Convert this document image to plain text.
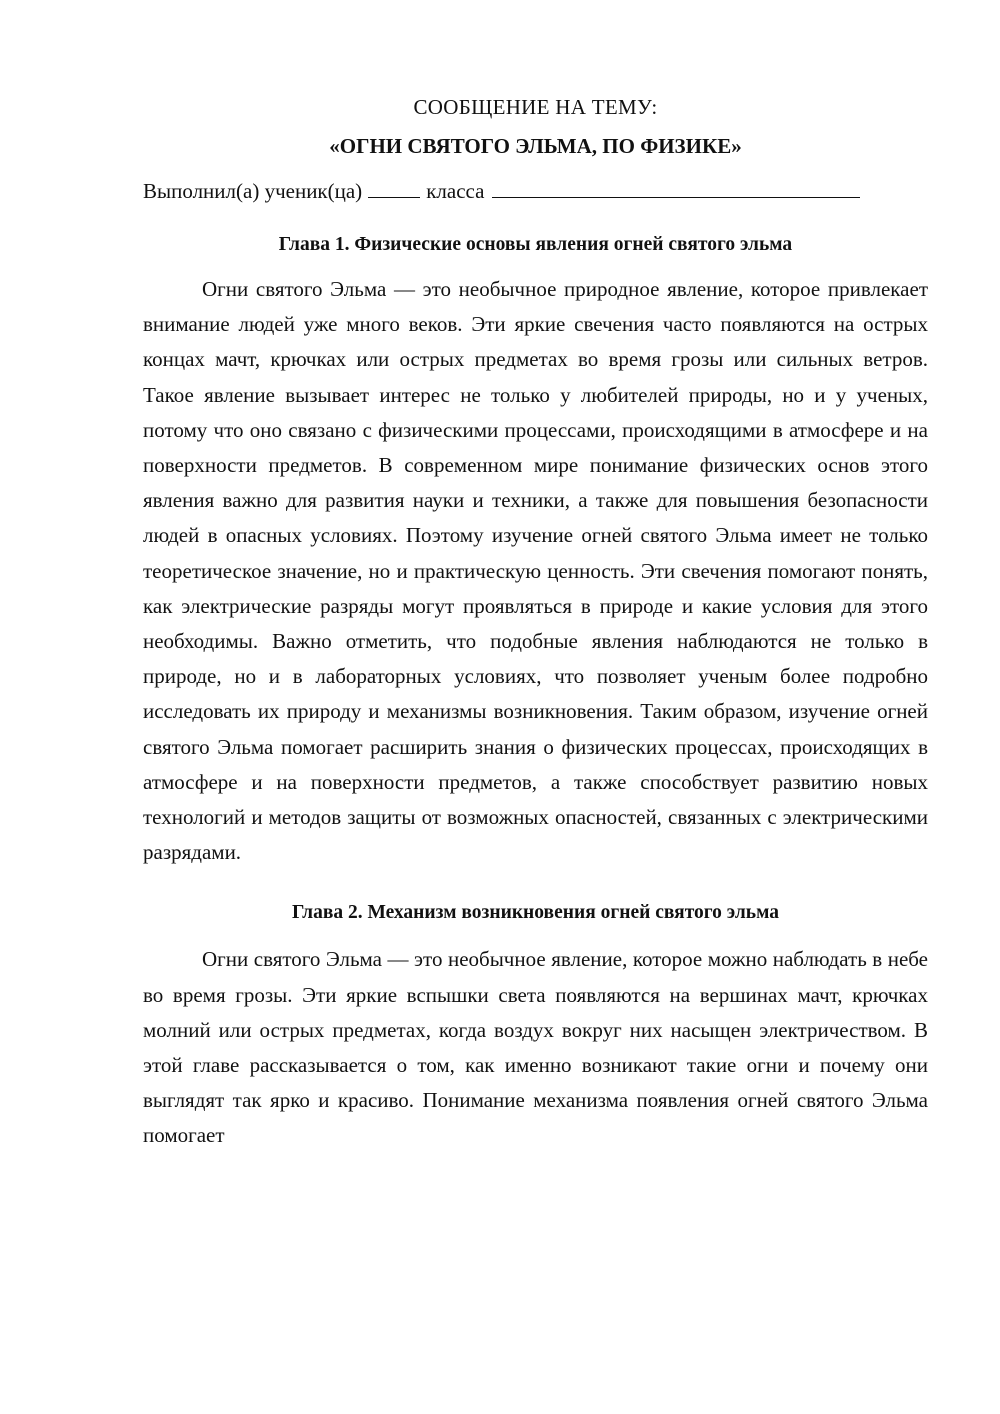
СООБЩЕНИЕ НА ТЕМУ:

«ОГНИ СВЯТОГО ЭЛЬМА, ПО ФИЗИКЕ»

Выполнил(а) ученик(ца)	класса
Глава 1. Физические основы явления огней святого эльма

Огни святого Эльма — это необычное природное явление, которое привлекает внимание людей уже много веков. Эти яркие свечения часто появляются на острых концах мачт, крючках или острых предметах во время грозы или сильных ветров. Такое явление вызывает интерес не только у любителей природы, но и у ученых, потому что оно связано с физическими процессами, происходящими в атмосфере и на поверхности предметов. В современном мире понимание физических основ этого явления важно для развития науки и техники, а также для повышения безопасности людей в опасных условиях. Поэтому изучение огней святого Эльма имеет не только теоретическое значение, но и практическую ценность. Эти свечения помогают понять, как электрические разряды могут проявляться в природе и какие условия для этого необходимы. Важно отметить, что подобные явления наблюдаются не только в природе, но и в лабораторных условиях, что позволяет ученым более подробно исследовать их природу и механизмы возникновения. Таким образом, изучение огней святого Эльма помогает расширить знания о физических процессах, происходящих в атмосфере и на поверхности предметов, а также способствует развитию новых технологий и методов защиты от возможных опасностей, связанных с электрическими разрядами.

Глава 2. Механизм возникновения огней святого эльма

Огни святого Эльма — это необычное явление, которое можно наблюдать в небе во время грозы. Эти яркие вспышки света появляются на вершинах мачт, крючках молний или острых предметах, когда воздух вокруг них насыщен электричеством. В этой главе рассказывается о том, как именно возникают такие огни и почему они выглядят так ярко и красиво. Понимание механизма появления огней святого Эльма помогает
